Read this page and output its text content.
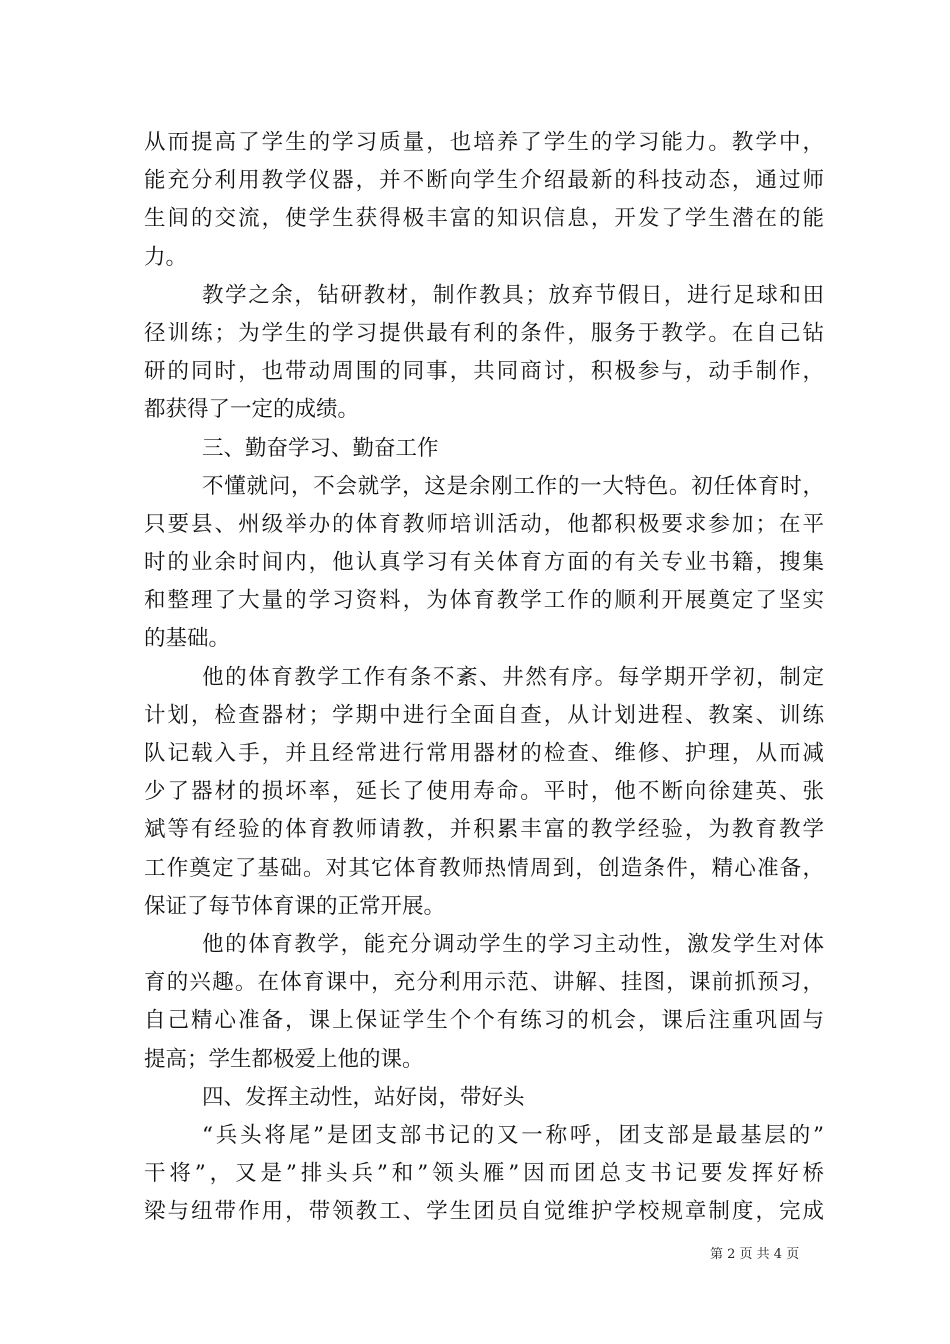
从而提高了学生的学习质量，也培养了学生的学习能力。教学中，
能充分利用教学仪器，并不断向学生介绍最新的科技动态，通过师
生间的交流，使学生获得极丰富的知识信息，开发了学生潜在的能
力。
教学之余，钻研教材，制作教具；放弃节假日，进行足球和田
径训练；为学生的学习提供最有利的条件，服务于教学。在自己钻
研的同时，也带动周围的同事，共同商讨，积极参与，动手制作，
都获得了一定的成绩。
三、勤奋学习、勤奋工作
不懂就问，不会就学，这是余刚工作的一大特色。初任体育时，
只要县、州级举办的体育教师培训活动，他都积极要求参加；在平
时的业余时间内，他认真学习有关体育方面的有关专业书籍，搜集
和整理了大量的学习资料，为体育教学工作的顺利开展奠定了坚实
的基础。
他的体育教学工作有条不紊、井然有序。每学期开学初，制定
计划，检查器材；学期中进行全面自查，从计划进程、教案、训练
队记载入手，并且经常进行常用器材的检查、维修、护理，从而减
少了器材的损坏率，延长了使用寿命。平时，他不断向徐建英、张
斌等有经验的体育教师请教，并积累丰富的教学经验，为教育教学
工作奠定了基础。对其它体育教师热情周到，创造条件，精心准备，
保证了每节体育课的正常开展。
他的体育教学，能充分调动学生的学习主动性，激发学生对体
育的兴趣。在体育课中，充分利用示范、讲解、挂图，课前抓预习，
自己精心准备，课上保证学生个个有练习的机会，课后注重巩固与
提高；学生都极爱上他的课。
四、发挥主动性，站好岗，带好头
“兵头将尾”是团支部书记的又一称呼，团支部是最基层的”
干将”，又是”排头兵”和”领头雁”因而团总支书记要发挥好桥
梁与纽带作用，带领教工、学生团员自觉维护学校规章制度，完成
第 2 页 共 4 页
